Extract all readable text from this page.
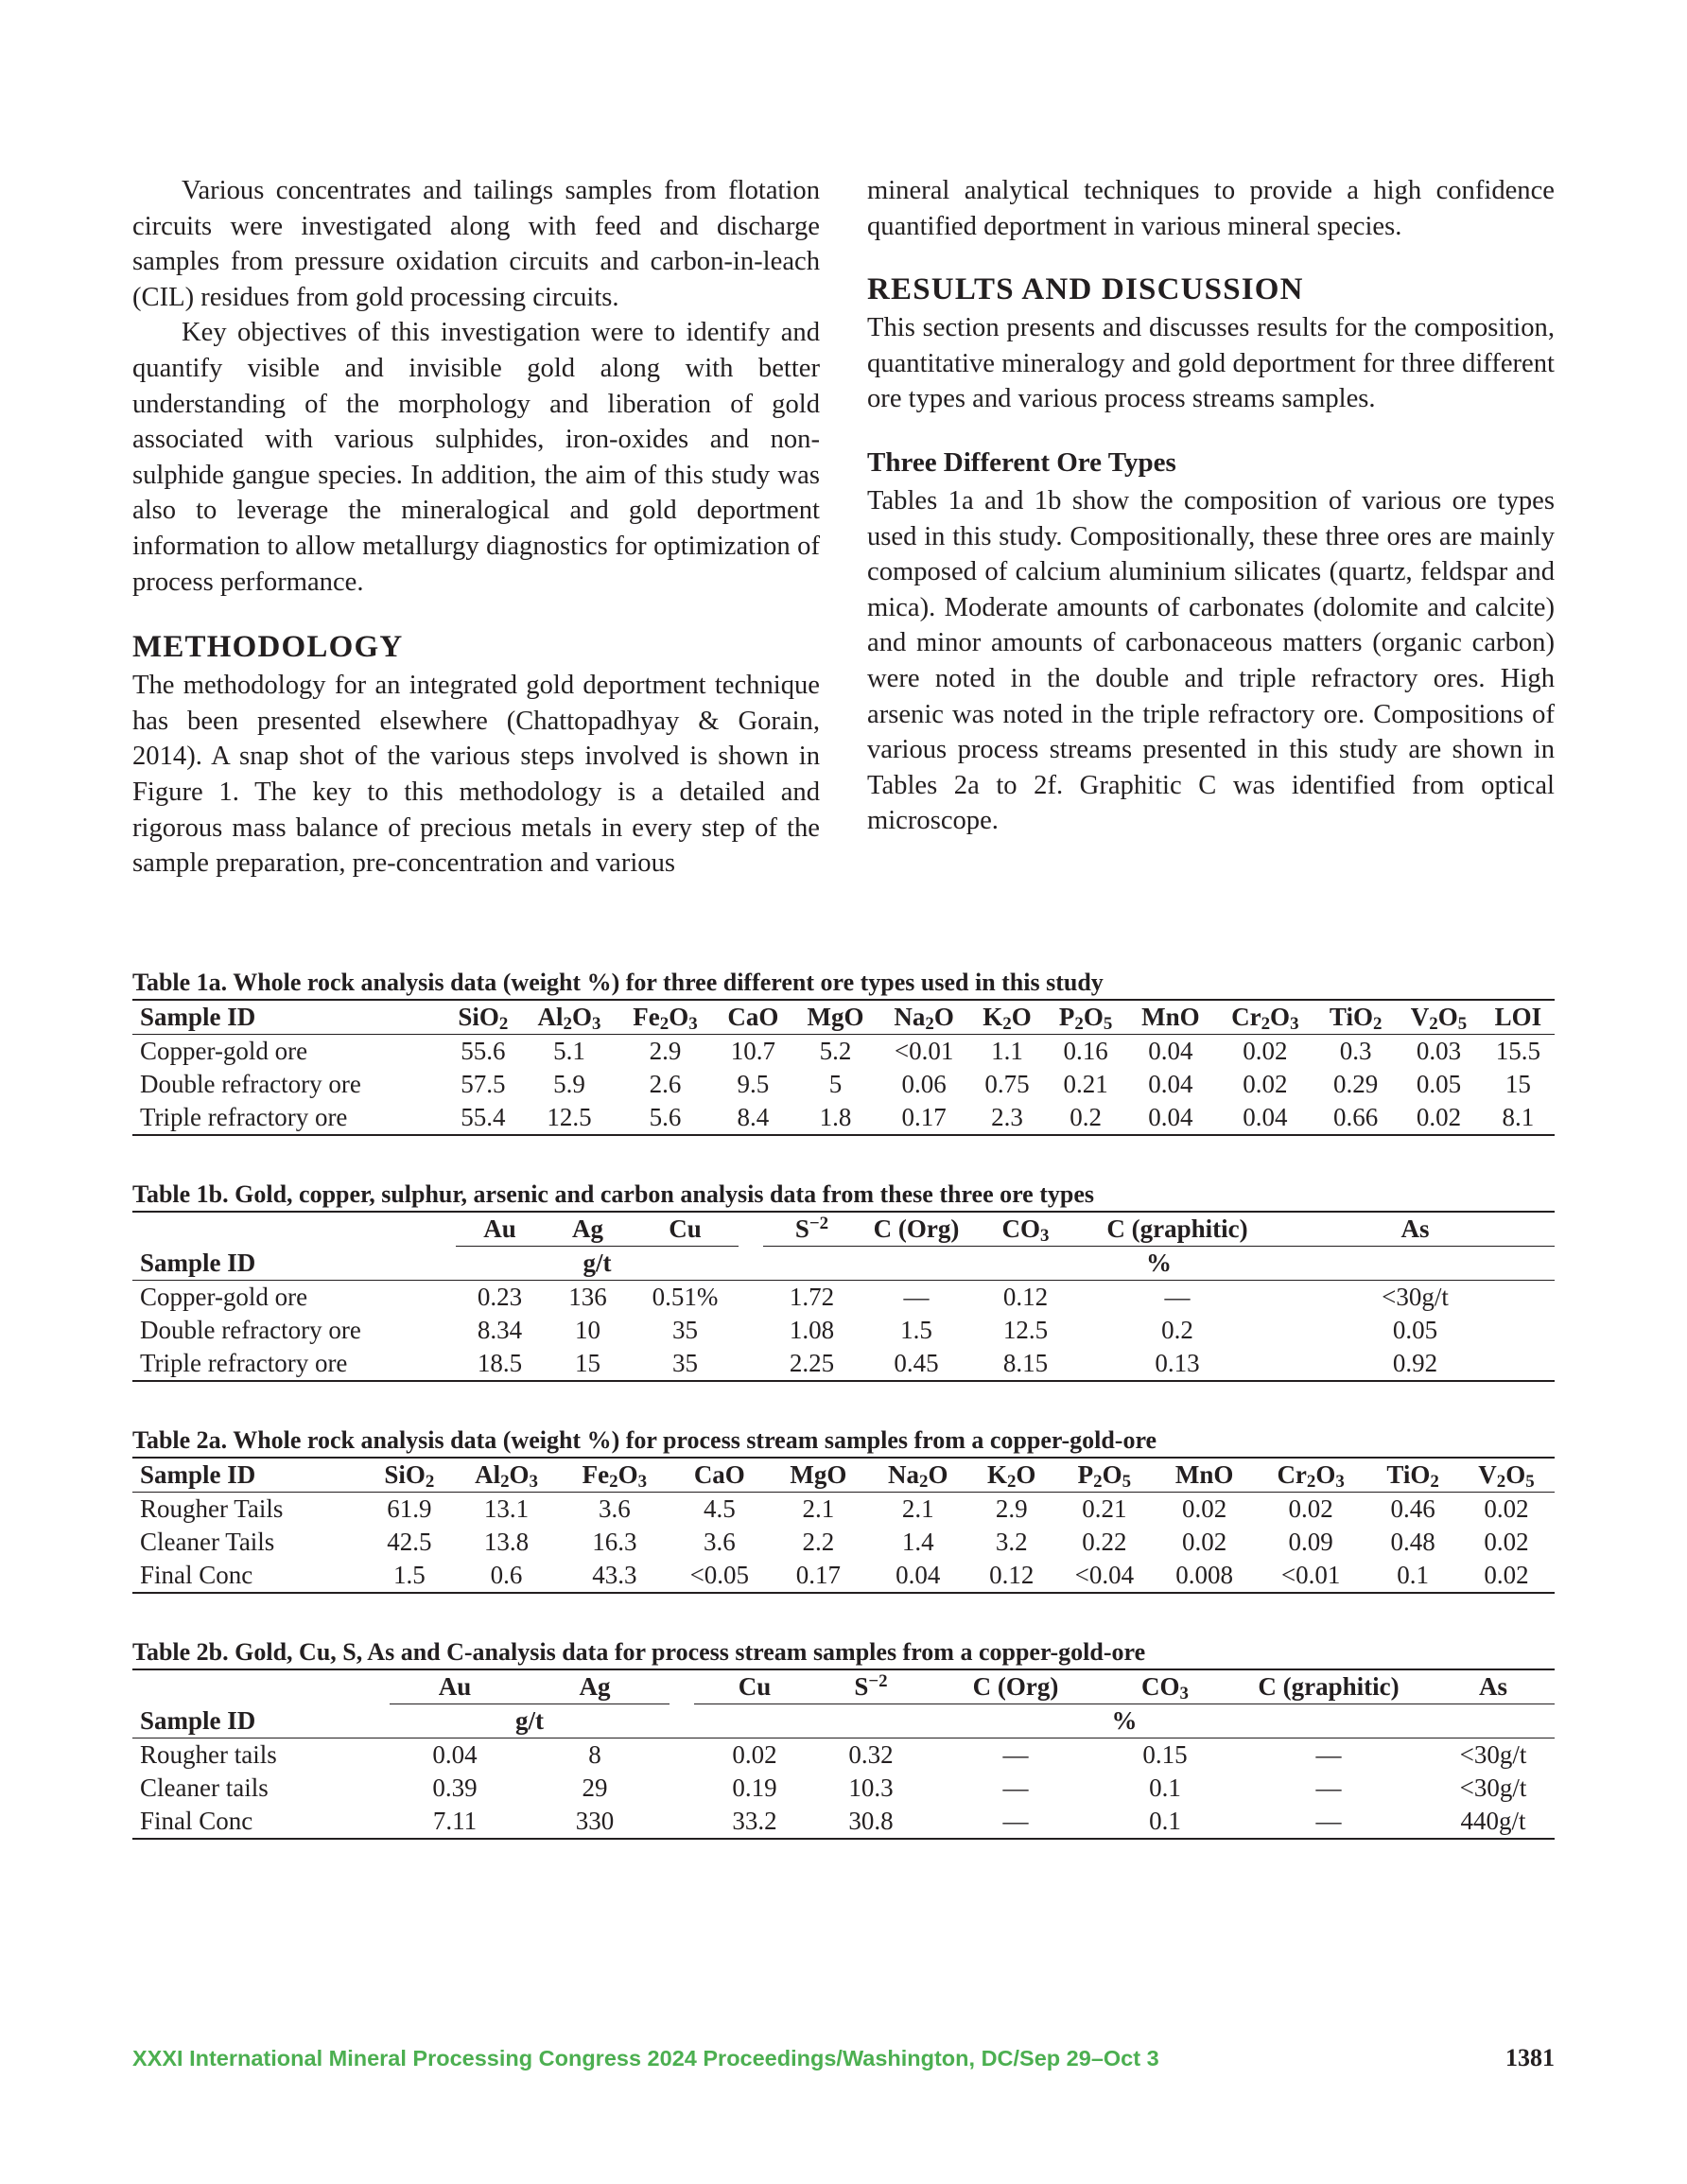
Various concentrates and tailings samples from flotation circuits were investigated along with feed and discharge samples from pressure oxidation circuits and carbon-in-leach (CIL) residues from gold processing circuits.

Key objectives of this investigation were to identify and quantify visible and invisible gold along with better understanding of the morphology and liberation of gold associated with various sulphides, iron-oxides and non-sulphide gangue species. In addition, the aim of this study was also to leverage the mineralogical and gold deportment information to allow metallurgy diagnostics for optimization of process performance.

METHODOLOGY

The methodology for an integrated gold deportment technique has been presented elsewhere (Chattopadhyay & Gorain, 2014). A snap shot of the various steps involved is shown in Figure 1. The key to this methodology is a detailed and rigorous mass balance of precious metals in every step of the sample preparation, pre-concentration and various

mineral analytical techniques to provide a high confidence quantified deportment in various mineral species.

RESULTS AND DISCUSSION

This section presents and discusses results for the composition, quantitative mineralogy and gold deportment for three different ore types and various process streams samples.

Three Different Ore Types

Tables 1a and 1b show the composition of various ore types used in this study. Compositionally, these three ores are mainly composed of calcium aluminium silicates (quartz, feldspar and mica). Moderate amounts of carbonates (dolomite and calcite) and minor amounts of carbonaceous matters (organic carbon) were noted in the double and triple refractory ores. High arsenic was noted in the triple refractory ore. Compositions of various process streams presented in this study are shown in Tables 2a to 2f. Graphitic C was identified from optical microscope.

Table 1a. Whole rock analysis data (weight %) for three different ore types used in this study

Sample ID	SiO$_2$	$Al_2O_3$	$Fe_2O_3$	CaO	MgO	$Na_2O$	$K_2O$	$P_2O_5$	MnO	$Cr_2O_3$	TiO$_2$	$V_2O_5$	LOI
Copper-gold ore	55.6	5.1	2.9	10.7	5.2	<0.01	1.1	0.16	0.04	0.02	0.3	0.03	15.5
Double refractory ore	57.5	5.9	2.6	9.5	5	0.06	0.75	0.21	0.04	0.02	0.29	0.05	15
Triple refractory ore	55.4	12.5	5.6	8.4	1.8	0.17	2.3	0.2	0.04	0.04	0.66	0.02	8.1

Table 1b. Gold, copper, sulphur, arsenic and carbon analysis data from these three ore types

	Au	Ag	Cu		$S^{-2}$	C (Org)	$CO_3$	C (graphitic)	As
Sample ID	g/t				%				
Copper-gold ore	0.23	136	0.51%		1.72	—	0.12	—	<30g/t
Double refractory ore	8.34	10	35		1.08	1.5	12.5	0.2	0.05
Triple refractory ore	18.5	15	35		2.25	0.45	8.15	0.13	0.92

Table 2a. Whole rock analysis data (weight %) for process stream samples from a copper-gold-ore

Sample ID	SiO$_2$	$Al_2O_3$	$Fe_2O_3$	CaO	MgO	$Na_2O$	$K_2O$	$P_2O_5$	MnO	$Cr_2O_3$	TiO$_2$	$V_2O_5$
Rougher Tails	61.9	13.1	3.6	4.5	2.1	2.1	2.9	0.21	0.02	0.02	0.46	0.02
Cleaner Tails	42.5	13.8	16.3	3.6	2.2	1.4	3.2	0.22	0.02	0.09	0.48	0.02
Final Conc	1.5	0.6	43.3	<0.05	0.17	0.04	0.12	<0.04	0.008	<0.01	0.1	0.02

Table 2b. Gold, Cu, S, As and C-analysis data for process stream samples from a copper-gold-ore

	Au	Ag		Cu	$S^{-2}$	C (Org)	$CO_3$	C (graphitic)	As
Sample ID	g/t			%					
Rougher tails	0.04	8		0.02	0.32	—	0.15	—	<30g/t
Cleaner tails	0.39	29		0.19	10.3	—	0.1	—	<30g/t
Final Conc	7.11	330		33.2	30.8	—	0.1	—	440g/t
XXXI International Mineral Processing Congress 2024 Proceedings/Washington, DC/Sep 29–Oct 3	1381
